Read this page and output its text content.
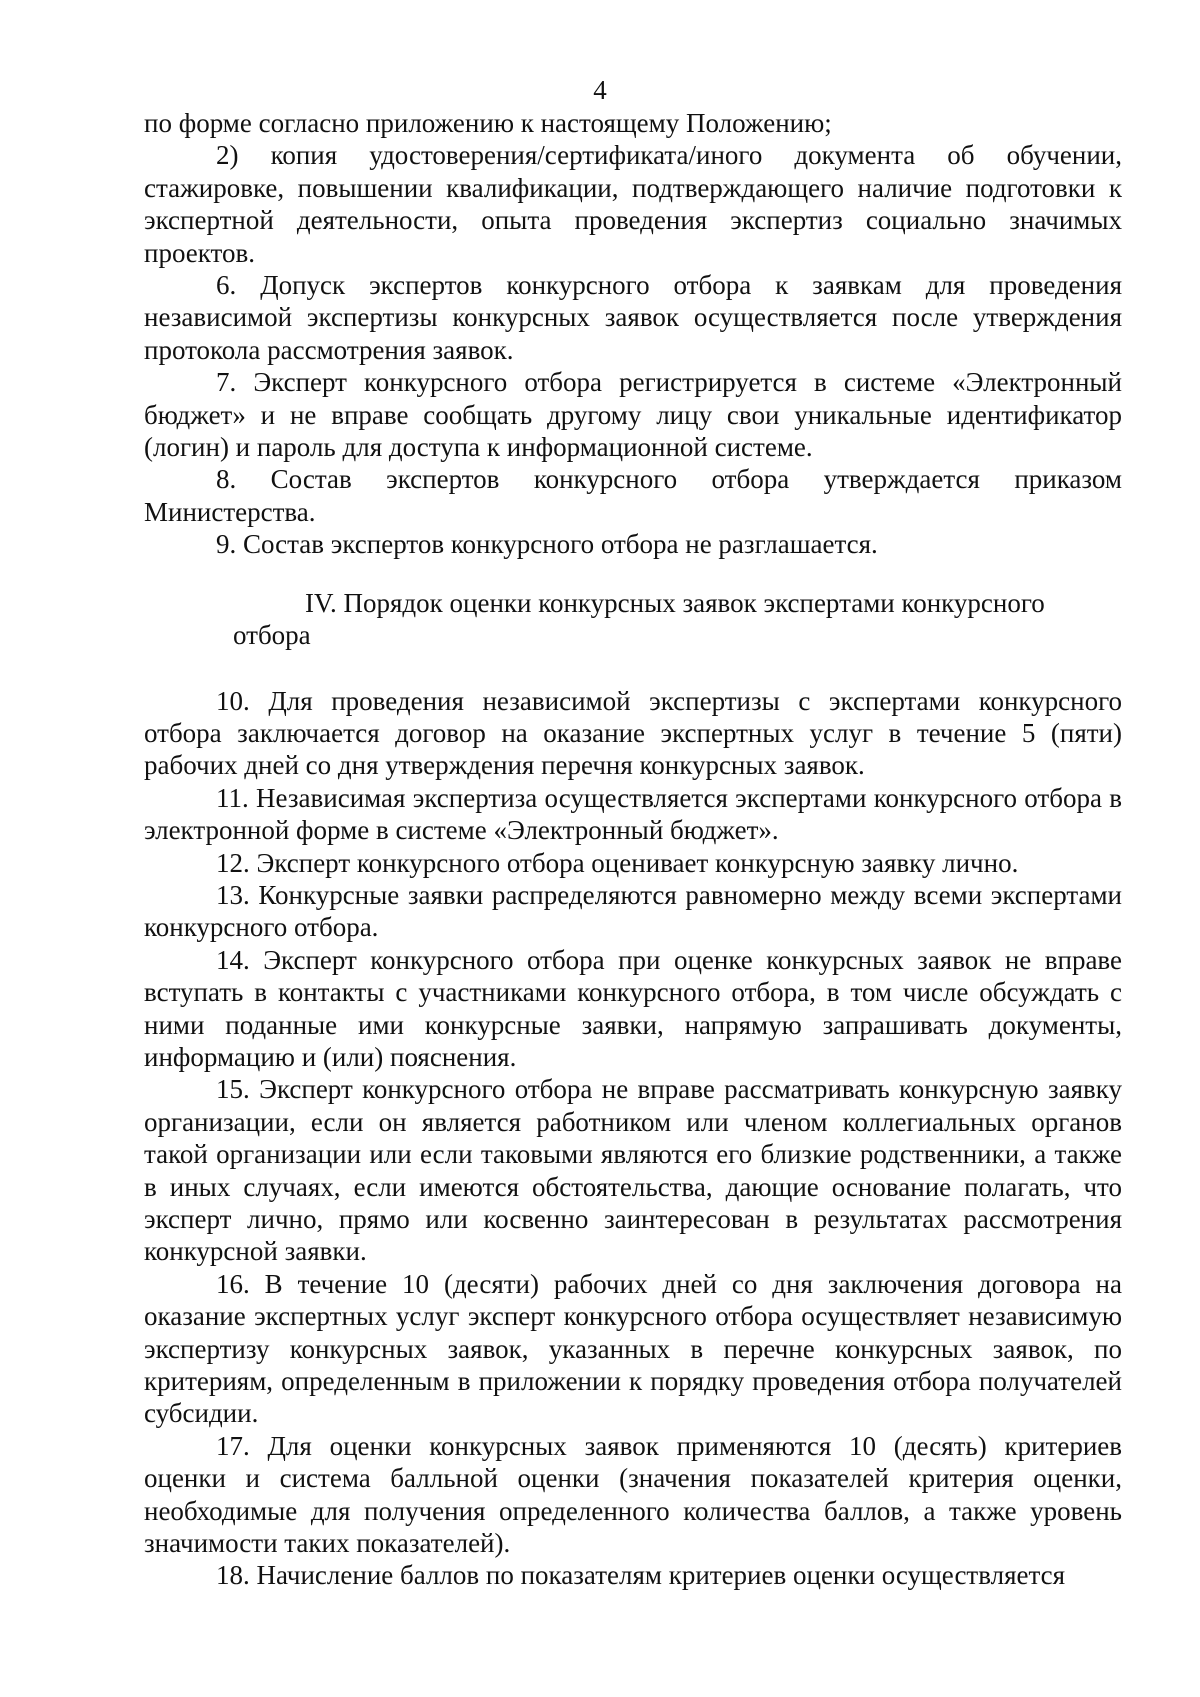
4

по форме согласно приложению к настоящему Положению;

2) копия удостоверения/сертификата/иного документа об обучении, стажировке, повышении квалификации, подтверждающего наличие подготовки к экспертной деятельности, опыта проведения экспертиз социально значимых проектов.

6. Допуск экспертов конкурсного отбора к заявкам для проведения независимой экспертизы конкурсных заявок осуществляется после утверждения протокола рассмотрения заявок.

7. Эксперт конкурсного отбора регистрируется в системе «Электронный бюджет» и не вправе сообщать другому лицу свои уникальные идентификатор (логин) и пароль для доступа к информационной системе.

8. Состав экспертов конкурсного отбора утверждается приказом Министерства.

9. Состав экспертов конкурсного отбора не разглашается.

IV. Порядок оценки конкурсных заявок экспертами конкурсного отбора

10. Для проведения независимой экспертизы с экспертами конкурсного отбора заключается договор на оказание экспертных услуг в течение 5 (пяти) рабочих дней со дня утверждения перечня конкурсных заявок.

11. Независимая экспертиза осуществляется экспертами конкурсного отбора в электронной форме в системе «Электронный бюджет».

12. Эксперт конкурсного отбора оценивает конкурсную заявку лично.

13. Конкурсные заявки распределяются равномерно между всеми экспертами конкурсного отбора.

14. Эксперт конкурсного отбора при оценке конкурсных заявок не вправе вступать в контакты с участниками конкурсного отбора, в том числе обсуждать с ними поданные ими конкурсные заявки, напрямую запрашивать документы, информацию и (или) пояснения.

15. Эксперт конкурсного отбора не вправе рассматривать конкурсную заявку организации, если он является работником или членом коллегиальных органов такой организации или если таковыми являются его близкие родственники, а также в иных случаях, если имеются обстоятельства, дающие основание полагать, что эксперт лично, прямо или косвенно заинтересован в результатах рассмотрения конкурсной заявки.

16. В течение 10 (десяти) рабочих дней со дня заключения договора на оказание экспертных услуг эксперт конкурсного отбора осуществляет независимую экспертизу конкурсных заявок, указанных в перечне конкурсных заявок, по критериям, определенным в приложении к порядку проведения отбора получателей субсидии.

17. Для оценки конкурсных заявок применяются 10 (десять) критериев оценки и система балльной оценки (значения показателей критерия оценки, необходимые для получения определенного количества баллов, а также уровень значимости таких показателей).

18. Начисление баллов по показателям критериев оценки осуществляется
